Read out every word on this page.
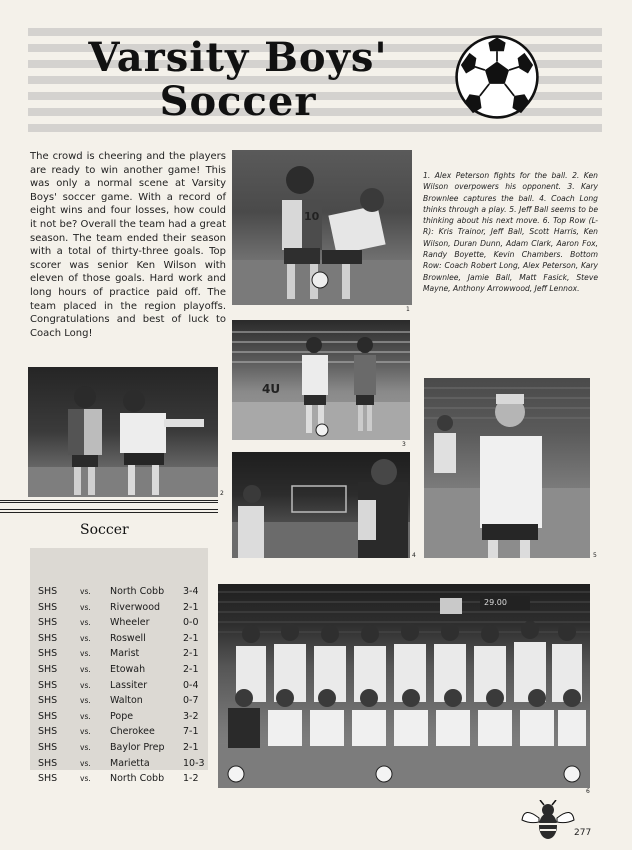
Varsity Boys'
Soccer

The crowd is cheering and the players are ready to win another game! This was only a normal scene at Varsity Boys' soccer game. With a record of eight wins and four losses, how could it not be? Overall the team had a great season. The team ended their season with a total of thirty-three goals. Top scorer was senior Ken Wilson with eleven of those goals. Hard work and long hours of practice paid off. The team placed in the region playoffs. Congratulations and best of luck to Coach Long!

1. Alex Peterson fights for the ball. 2. Ken Wilson overpowers his opponent. 3. Kary Brownlee captures the ball. 4. Coach Long thinks through a play. 5. Jeff Ball seems to be thinking about his next move. 6. Top Row (L-R): Kris Trainor, Jeff Ball, Scott Harris, Ken Wilson, Duran Dunn, Adam Clark, Aaron Fox, Randy Boyette, Kevin Chambers. Bottom Row: Coach Robert Long, Alex Peterson, Kary Brownlee, Jamie Ball, Matt Fasick, Steve Mayne, Anthony Arrowwood, Jeff Lennox.

10
1
4U
3
2
4	5
Soccer
SHS	vs. North Cobb 3-4
SHS	vs. Riverwood 2-1
SHS	vs. Wheeler	0-0
SHS	vs. Roswell	2-1
SHS	vs. Marist	2-1
SHS	vs. Etowah	2-1
SHS	vs. Lassiter	0-4
SHS	vs. Walton	0-7
SHS	vs. Pope	3-2
SHS	vs. Cherokee	7-1
SHS	vs. Baylor Prep 2-1
SHS	vs. Marietta	10-3
SHS	vs. North Cobb 1-2
29.00
6
277
